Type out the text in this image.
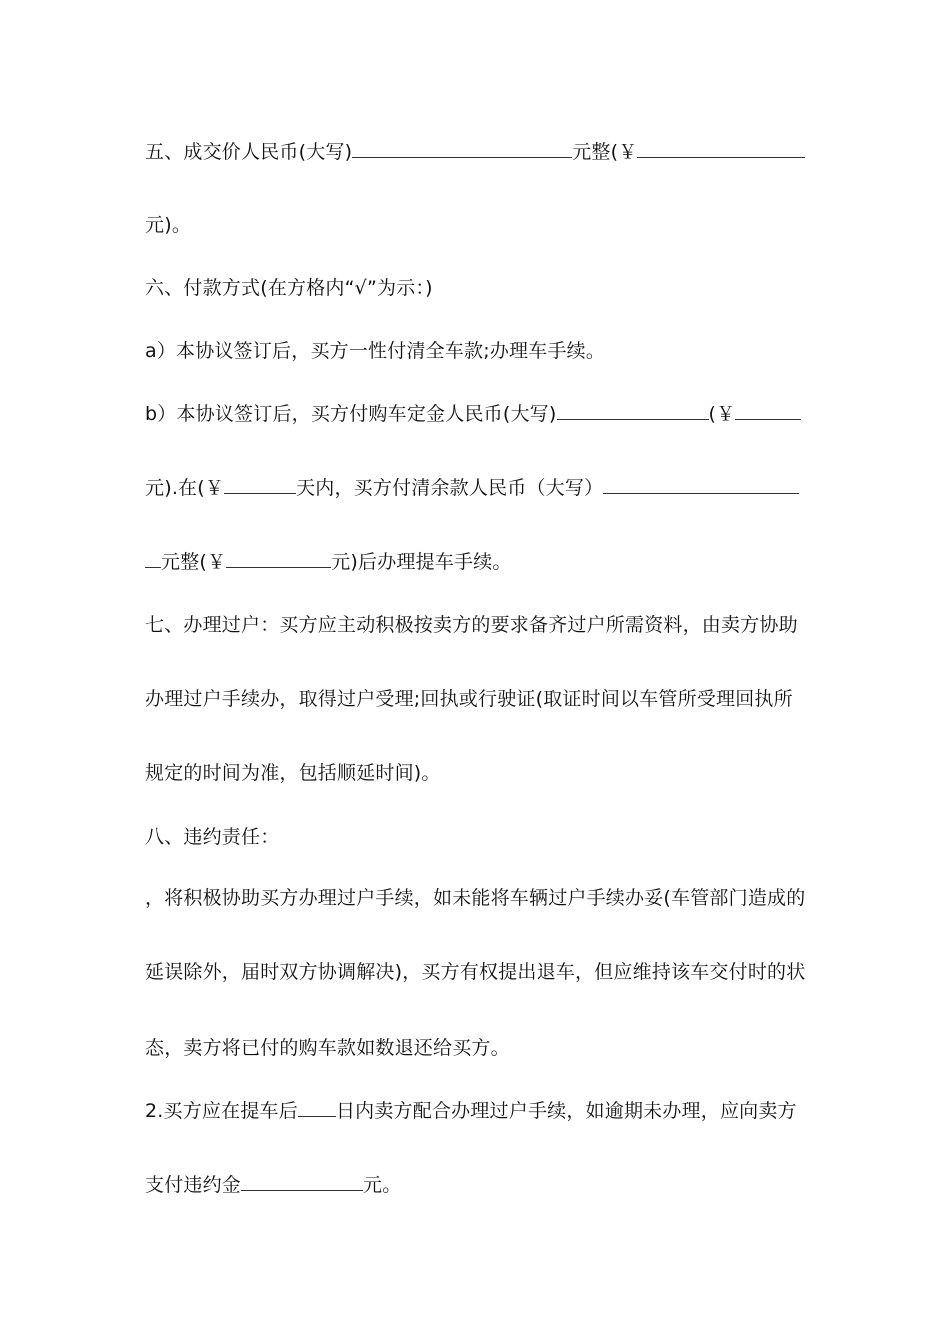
五、成交价人民币(大写)	元整(￥
元)。
六、付款方式(在方格内“√”为示：)
a）本协议签订后，买方一性付清全车款;办理车手续。
b）本协议签订后，买方付购车定金人民币(大写)	(￥
元).在(￥	天内，买方付清余款人民币（大写）
元整(￥	元)后办理提车手续。
七、办理过户：买方应主动积极按卖方的要求备齐过户所需资料，由卖方协助
办理过户手续办，取得过户受理;回执或行驶证(取证时间以车管所受理回执所
规定的时间为准，包括顺延时间)。
八、违约责任：
，将积极协助买方办理过户手续，如未能将车辆过户手续办妥(车管部门造成的
延误除外，届时双方协调解决)，买方有权提出退车，但应维持该车交付时的状
态，卖方将已付的购车款如数退还给买方。
2.买方应在提车后 日内卖方配合办理过户手续，如逾期未办理，应向卖方
支付违约金	元。
